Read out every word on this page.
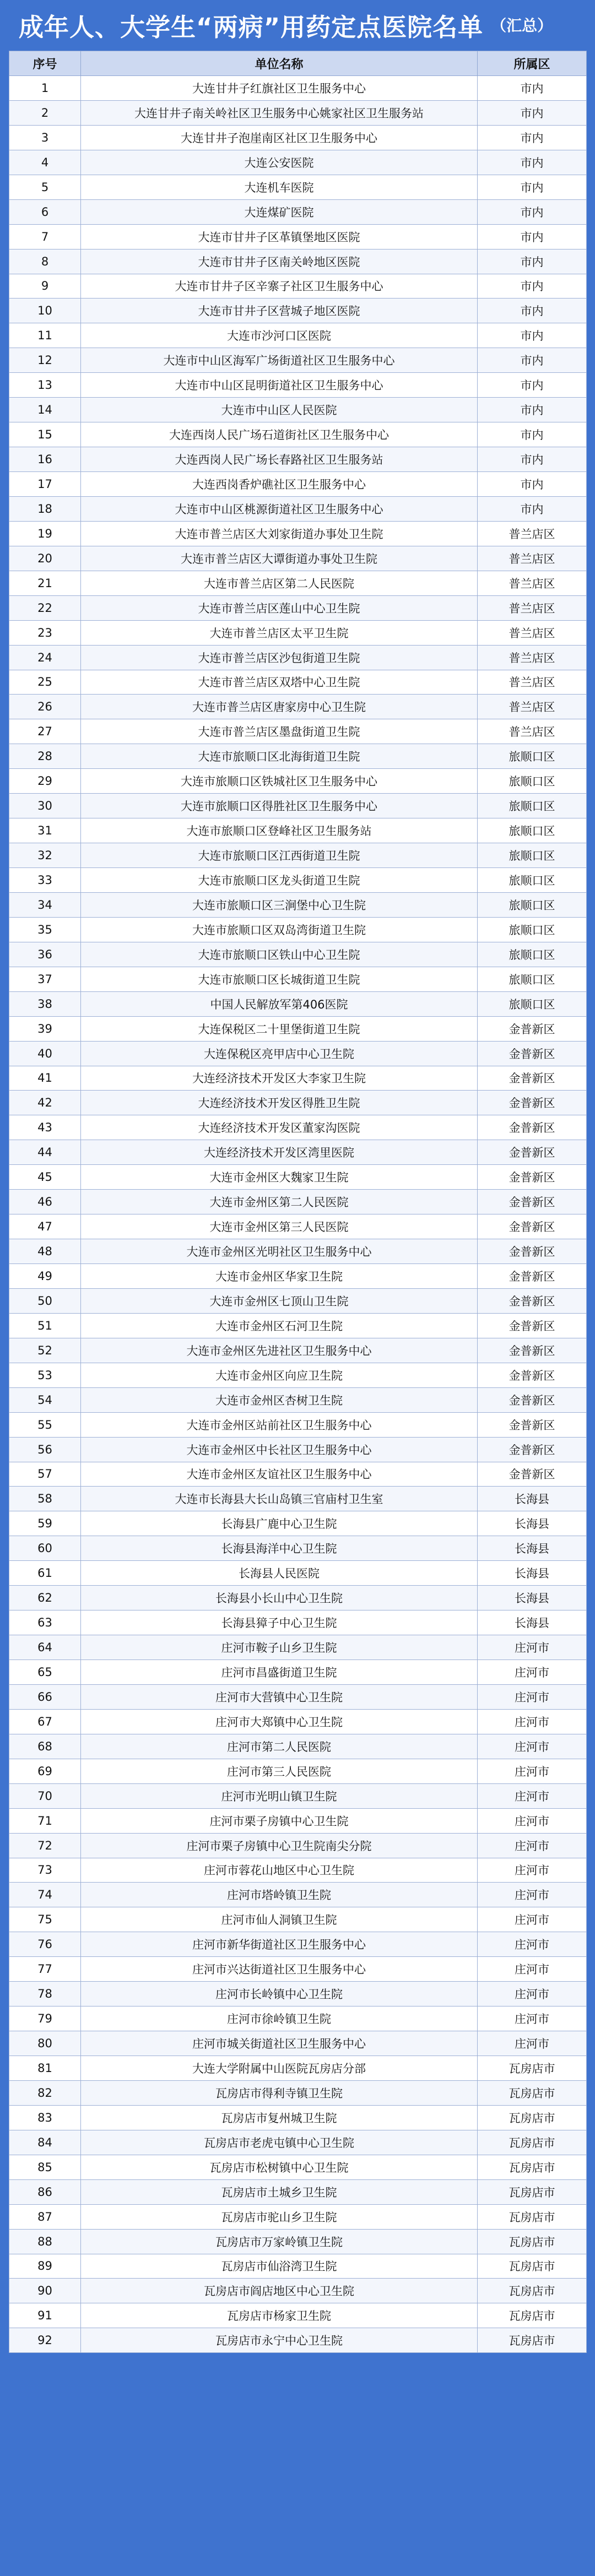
成年人、大学生“两病”用药定点医院名单 （汇总）
序号	单位名称	所属区
1	大连甘井子红旗社区卫生服务中心	市内
2	大连甘井子南关岭社区卫生服务中心姚家社区卫生服务站	市内
3	大连甘井子泡崖南区社区卫生服务中心	市内
4	大连公安医院	市内
5	大连机车医院	市内
6	大连煤矿医院	市内
7	大连市甘井子区革镇堡地区医院	市内
8	大连市甘井子区南关岭地区医院	市内
9	大连市甘井子区辛寨子社区卫生服务中心	市内
10	大连市甘井子区营城子地区医院	市内
11	大连市沙河口区医院	市内
12	大连市中山区海军广场街道社区卫生服务中心	市内
13	大连市中山区昆明街道社区卫生服务中心	市内
14	大连市中山区人民医院	市内
15	大连西岗人民广场石道街社区卫生服务中心	市内
16	大连西岗人民广场长春路社区卫生服务站	市内
17	大连西岗香炉礁社区卫生服务中心	市内
18	大连市中山区桃源街道社区卫生服务中心	市内
19	大连市普兰店区大刘家街道办事处卫生院	普兰店区
20	大连市普兰店区大谭街道办事处卫生院	普兰店区
21	大连市普兰店区第二人民医院	普兰店区
22	大连市普兰店区莲山中心卫生院	普兰店区
23	大连市普兰店区太平卫生院	普兰店区
24	大连市普兰店区沙包街道卫生院	普兰店区
25	大连市普兰店区双塔中心卫生院	普兰店区
26	大连市普兰店区唐家房中心卫生院	普兰店区
27	大连市普兰店区墨盘街道卫生院	普兰店区
28	大连市旅顺口区北海街道卫生院	旅顺口区
29	大连市旅顺口区铁城社区卫生服务中心	旅顺口区
30	大连市旅顺口区得胜社区卫生服务中心	旅顺口区
31	大连市旅顺口区登峰社区卫生服务站	旅顺口区
32	大连市旅顺口区江西街道卫生院	旅顺口区
33	大连市旅顺口区龙头街道卫生院	旅顺口区
34	大连市旅顺口区三涧堡中心卫生院	旅顺口区
35	大连市旅顺口区双岛湾街道卫生院	旅顺口区
36	大连市旅顺口区铁山中心卫生院	旅顺口区
37	大连市旅顺口区长城街道卫生院	旅顺口区
38	中国人民解放军第406医院	旅顺口区
39	大连保税区二十里堡街道卫生院	金普新区
40	大连保税区亮甲店中心卫生院	金普新区
41	大连经济技术开发区大李家卫生院	金普新区
42	大连经济技术开发区得胜卫生院	金普新区
43	大连经济技术开发区董家沟医院	金普新区
44	大连经济技术开发区湾里医院	金普新区
45	大连市金州区大魏家卫生院	金普新区
46	大连市金州区第二人民医院	金普新区
47	大连市金州区第三人民医院	金普新区
48	大连市金州区光明社区卫生服务中心	金普新区
49	大连市金州区华家卫生院	金普新区
50	大连市金州区七顶山卫生院	金普新区
51	大连市金州区石河卫生院	金普新区
52	大连市金州区先进社区卫生服务中心	金普新区
53	大连市金州区向应卫生院	金普新区
54	大连市金州区杏树卫生院	金普新区
55	大连市金州区站前社区卫生服务中心	金普新区
56	大连市金州区中长社区卫生服务中心	金普新区
57	大连市金州区友谊社区卫生服务中心	金普新区
58	大连市长海县大长山岛镇三官庙村卫生室	长海县
59	长海县广鹿中心卫生院	长海县
60	长海县海洋中心卫生院	长海县
61	长海县人民医院	长海县
62	长海县小长山中心卫生院	长海县
63	长海县獐子中心卫生院	长海县
64	庄河市鞍子山乡卫生院	庄河市
65	庄河市昌盛街道卫生院	庄河市
66	庄河市大营镇中心卫生院	庄河市
67	庄河市大郑镇中心卫生院	庄河市
68	庄河市第二人民医院	庄河市
69	庄河市第三人民医院	庄河市
70	庄河市光明山镇卫生院	庄河市
71	庄河市栗子房镇中心卫生院	庄河市
72	庄河市栗子房镇中心卫生院南尖分院	庄河市
73	庄河市蓉花山地区中心卫生院	庄河市
74	庄河市塔岭镇卫生院	庄河市
75	庄河市仙人洞镇卫生院	庄河市
76	庄河市新华街道社区卫生服务中心	庄河市
77	庄河市兴达街道社区卫生服务中心	庄河市
78	庄河市长岭镇中心卫生院	庄河市
79	庄河市徐岭镇卫生院	庄河市
80	庄河市城关街道社区卫生服务中心	庄河市
81	大连大学附属中山医院瓦房店分部	瓦房店市
82	瓦房店市得利寺镇卫生院	瓦房店市
83	瓦房店市复州城卫生院	瓦房店市
84	瓦房店市老虎屯镇中心卫生院	瓦房店市
85	瓦房店市松树镇中心卫生院	瓦房店市
86	瓦房店市土城乡卫生院	瓦房店市
87	瓦房店市驼山乡卫生院	瓦房店市
88	瓦房店市万家岭镇卫生院	瓦房店市
89	瓦房店市仙浴湾卫生院	瓦房店市
90	瓦房店市阎店地区中心卫生院	瓦房店市
91	瓦房店市杨家卫生院	瓦房店市
92	瓦房店市永宁中心卫生院	瓦房店市
